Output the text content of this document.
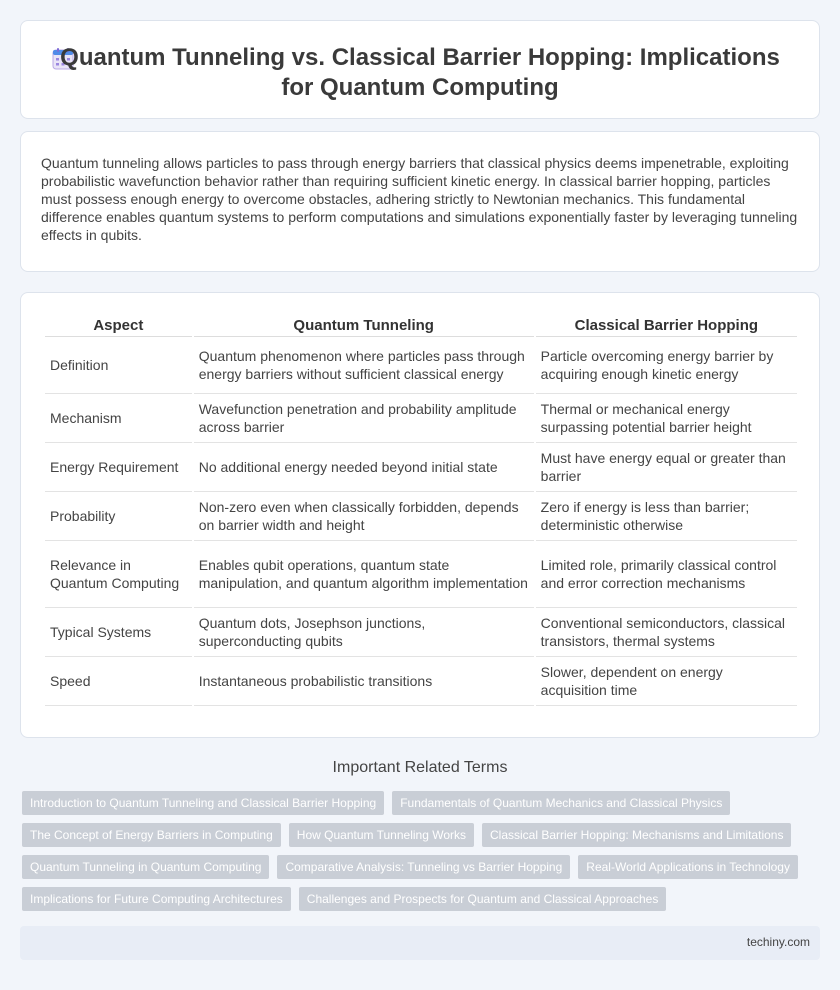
Quantum Tunneling vs. Classical Barrier Hopping: Implications for Quantum Computing

Quantum tunneling allows particles to pass through energy barriers that classical physics deems impenetrable, exploiting probabilistic wavefunction behavior rather than requiring sufficient kinetic energy. In classical barrier hopping, particles must possess enough energy to overcome obstacles, adhering strictly to Newtonian mechanics. This fundamental difference enables quantum systems to perform computations and simulations exponentially faster by leveraging tunneling effects in qubits.

Aspect	Quantum Tunneling	Classical Barrier Hopping
Definition	Quantum phenomenon where particles pass through energy barriers without sufficient classical energy	Particle overcoming energy barrier by acquiring enough kinetic energy
Mechanism	Wavefunction penetration and probability amplitude across barrier	Thermal or mechanical energy surpassing potential barrier height
Energy Requirement	No additional energy needed beyond initial state	Must have energy equal or greater than barrier
Probability	Non-zero even when classically forbidden, depends on barrier width and height	Zero if energy is less than barrier; deterministic otherwise
Relevance in Quantum Computing	Enables qubit operations, quantum state manipulation, and quantum algorithm implementation	Limited role, primarily classical control and error correction mechanisms
Typical Systems	Quantum dots, Josephson junctions, superconducting qubits	Conventional semiconductors, classical transistors, thermal systems
Speed	Instantaneous probabilistic transitions	Slower, dependent on energy acquisition time
Important Related Terms
Introduction to Quantum Tunneling and Classical Barrier Hopping	Fundamentals of Quantum Mechanics and Classical Physics
The Concept of Energy Barriers in Computing	How Quantum Tunneling Works	Classical Barrier Hopping: Mechanisms and Limitations
Quantum Tunneling in Quantum Computing	Comparative Analysis: Tunneling vs Barrier Hopping	Real-World Applications in Technology
Implications for Future Computing Architectures	Challenges and Prospects for Quantum and Classical Approaches
techiny.com
